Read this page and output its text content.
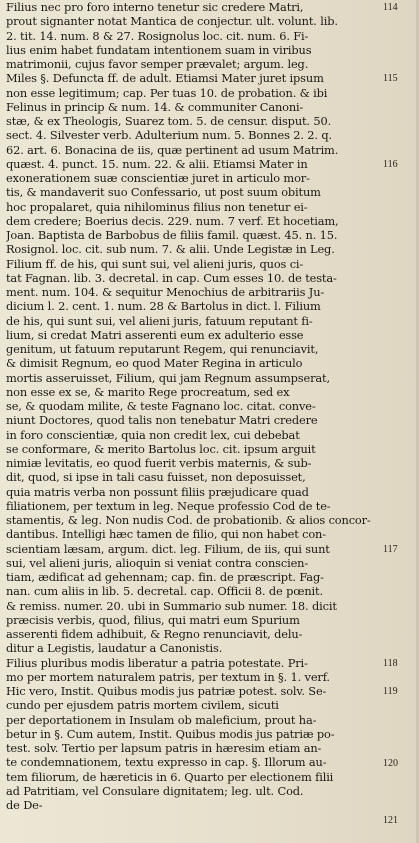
Filius nec pro foro interno tenetur sic credere Matri,
prout signanter notat Mantica de conjectur. ult. volunt. lib.
2. tit. 14. num. 8 & 27. Rosignolus loc. cit. num. 6. Fi-
lius enim habet fundatam intentionem suam in viribus
matrimonii, cujus favor semper prævalet; argum. leg.
Miles §. Defuncta ff. de adult. Etiamsi Mater juret ipsum
non esse legitimum; cap. Per tuas 10. de probation. & ibi
Felinus in princip & num. 14. & communiter Canoni-
stæ, & ex Theologis, Suarez tom. 5. de censur. disput. 50.
sect. 4. Silvester verb. Adulterium num. 5. Bonnes 2. 2. q.
62. art. 6. Bonacina de iis, quæ pertinent ad usum Matrim.
quæst. 4. punct. 15. num. 22. & alii. Etiamsi Mater in
exonerationem suæ conscientiæ juret in articulo mor-
tis, & mandaverit suo Confessario, ut post suum obitum
hoc propalaret, quia nihilominus filius non tenetur ei-
dem credere; Boerius decis. 229. num. 7 verf. Et hocetiam,
Joan. Baptista de Barbobus de filiis famil. quæst. 45. n. 15.
Rosignol. loc. cit. sub num. 7. & alii. Unde Legistæ in Leg.
Filium ff. de his, qui sunt sui, vel alieni juris, quos ci-
tat Fagnan. lib. 3. decretal. in cap. Cum esses 10. de testa-
ment. num. 104. & sequitur Menochius de arbitrariis Ju-
dicium l. 2. cent. 1. num. 28 & Bartolus in dict. l. Filium
de his, qui sunt sui, vel alieni juris, fatuum reputant fi-
lium, si credat Matri asserenti eum ex adulterio esse
genitum, ut fatuum reputarunt Regem, qui renunciavit,
& dimisit Regnum, eo quod Mater Regina in articulo
mortis asseruisset, Filium, qui jam Regnum assumpserat,
non esse ex se, & marito Rege procreatum, sed ex
se, & quodam milite, & teste Fagnano loc. citat. conve-
niunt Doctores, quod talis non tenebatur Matri credere
in foro conscientiæ, quia non credit lex, cui debebat
se conformare, & merito Bartolus loc. cit. ipsum arguit
nimiæ levitatis, eo quod fuerit verbis maternis, & sub-
dit, quod, si ipse in tali casu fuisset, non deposuisset,
quia matris verba non possunt filiis præjudicare quad
filiationem, per textum in leg. Neque professio Cod de te-
stamentis, & leg. Non nudis Cod. de probationib. & alios concor-
dantibus. Intelligi hæc tamen de filio, qui non habet con-
scientiam læsam, argum. dict. leg. Filium, de iis, qui sunt
sui, vel alieni juris, alioquin si veniat contra conscien-
tiam, ædificat ad gehennam; cap. fin. de præscript. Fag-
nan. cum aliis in lib. 5. decretal. cap. Officii 8. de pœnit.
& remiss. numer. 20. ubi in Summario sub numer. 18. dicit
præcisis verbis, quod, filius, qui matri eum Spurium
asserenti fidem adhibuit, & Regno renunciavit, delu-
ditur a Legistis, laudatur a Canonistis.
Filius pluribus modis liberatur a patria potestate. Pri-
mo per mortem naturalem patris, per textum in §. 1. verf.
Hic vero, Instit. Quibus modis jus patriæ potest. solv. Se-
cundo per ejusdem patris mortem civilem, sicuti
per deportationem in Insulam ob maleficium, prout ha-
betur in §. Cum autem, Instit. Quibus modis jus patriæ po-
test. solv. Tertio per lapsum patris in hæresim etiam an-
te condemnationem, textu expresso in cap. §. Illorum au-
tem filiorum, de hæreticis in 6. Quarto per electionem filii
ad Patritiam, vel Consulare dignitatem; leg. ult. Cod.
de De-
114
115
116
117
118
119
120
121
